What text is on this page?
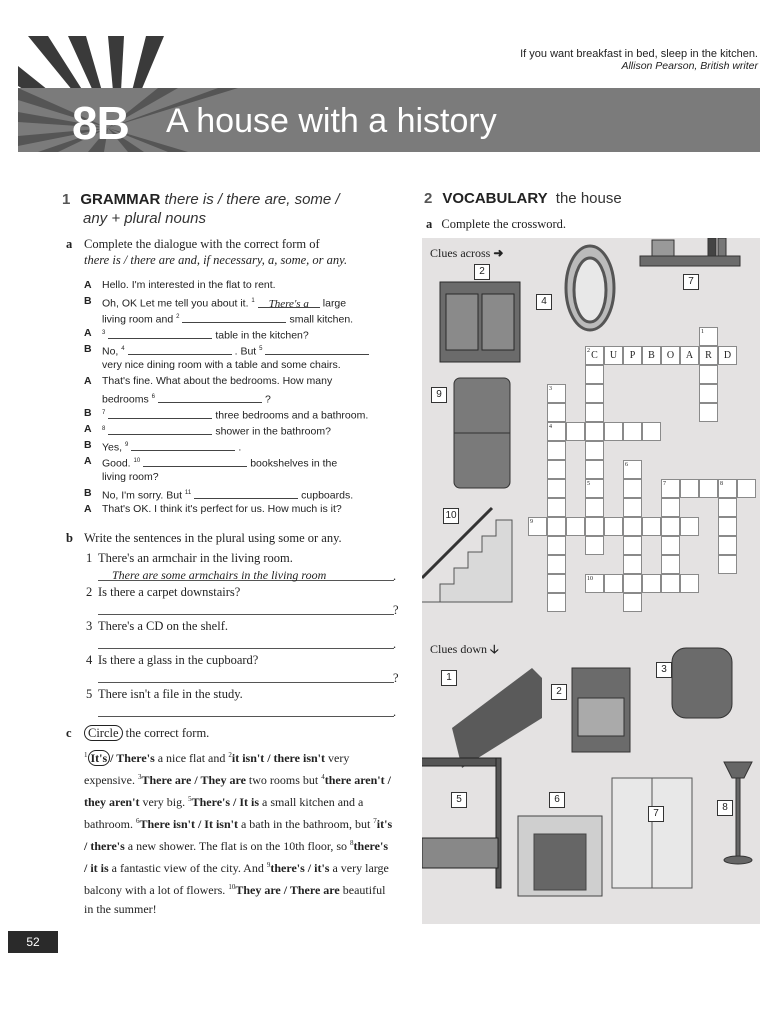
8B A house with a history
If you want breakfast in bed, sleep in the kitchen.
Allison Pearson, British writer
1 GRAMMAR there is / there are, some /
any + plural nouns
a Complete the dialogue with the correct form of
there is / there are and, if necessary, a, some, or any.
A Hello. I'm interested in the flat to rent.
B Oh, OK Let me tell you about it. $^1$ There's a large
living room and $^2$	small kitchen.
A $^3$	table in the kitchen?
B No, $^4$	. But $^5$
very nice dining room with a table and some chairs.
A That's fine. What about the bedrooms. How many
bedrooms $^6$	?
B $^7$	three bedrooms and a bathroom.
A $^8$	shower in the bathroom?
B Yes, $^9$	.
A Good. $^{10}$	bookshelves in the
living room?
B No, I'm sorry. But $^{11}$	cupboards.
A That's OK. I think it's perfect for us. How much is it?
b Write the sentences in the plural using some or any.
1 There's an armchair in the living room.
There are some armchairs in the living room	.
2 Is there a carpet downstairs?
?
3 There's a CD on the shelf.
.
4 Is there a glass in the cupboard?
?
5 There isn't a file in the study.
.
c	Circle the correct form.
$^1$ It's / There's a nice flat and $^2$it isn't / there isn't very expensive. $^3$There are / They are two rooms but $^4$there aren't / they aren't very big. $^5$There's / It is a small kitchen and a bathroom. $^6$There isn't / It isn't a bath in the bathroom, but $^7$it's / there's a new shower. The flat is on the 10th floor, so $^8$there's / it is a fantastic view of the city. And $^9$there's / it's a very large balcony with a lot of flowers. $^{10}$They are / There are beautiful in the summer!
2 VOCABULARY the house
a Complete the crossword.
Clues across ➜
Clues down 🡣
2
4
7
9
10
1
2
3
5	6
7
8
C
2	U	P	B	O	A	R	D
1
5
3
4
6
7	8
9
10
52
